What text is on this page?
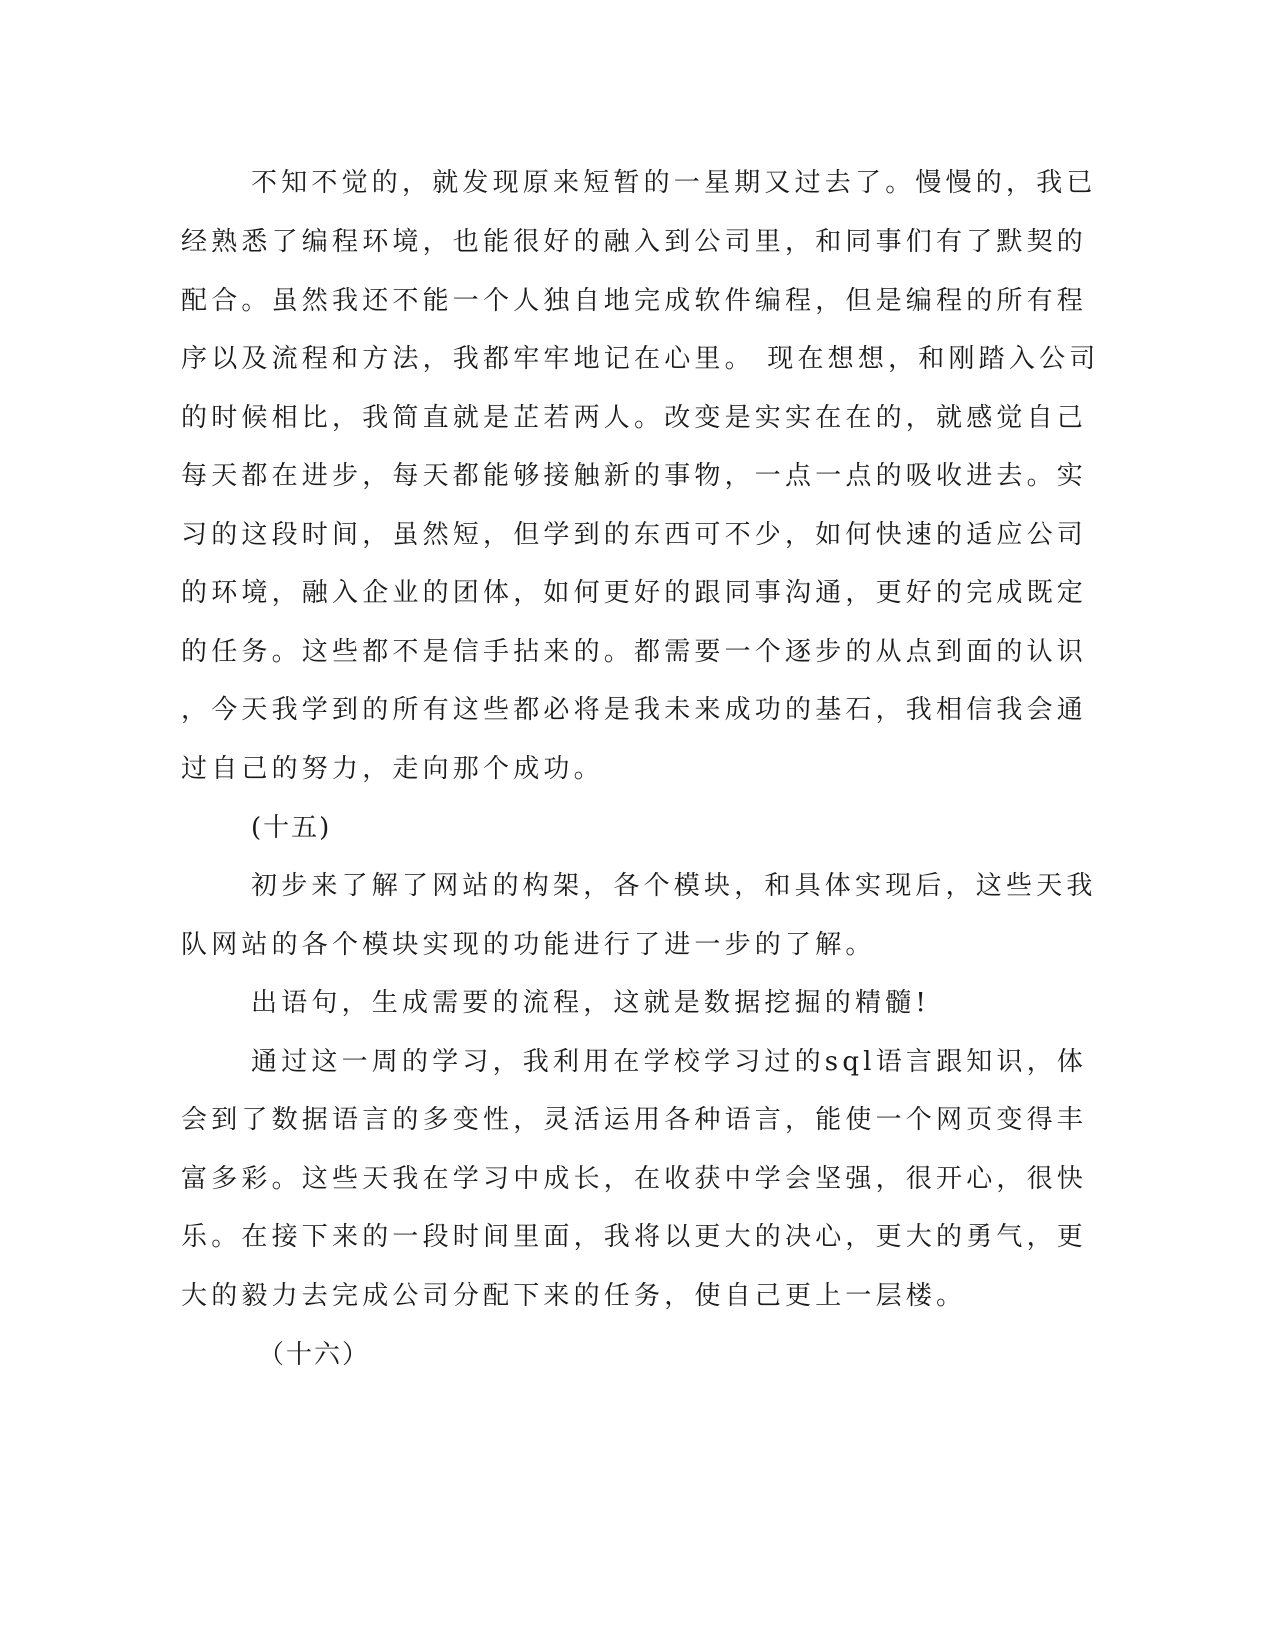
不知不觉的，就发现原来短暂的一星期又过去了。慢慢的，我已
经熟悉了编程环境，也能很好的融入到公司里，和同事们有了默契的
配合。虽然我还不能一个人独自地完成软件编程，但是编程的所有程
序以及流程和方法，我都牢牢地记在心里。 现在想想，和刚踏入公司
的时候相比，我简直就是芷若两人。改变是实实在在的，就感觉自己
每天都在进步，每天都能够接触新的事物，一点一点的吸收进去。实
习的这段时间，虽然短，但学到的东西可不少，如何快速的适应公司
的环境，融入企业的团体，如何更好的跟同事沟通，更好的完成既定
的任务。这些都不是信手拈来的。都需要一个逐步的从点到面的认识
，今天我学到的所有这些都必将是我未来成功的基石，我相信我会通
过自己的努力，走向那个成功。
(十五)
初步来了解了网站的构架，各个模块，和具体实现后，这些天我
队网站的各个模块实现的功能进行了进一步的了解。
出语句，生成需要的流程，这就是数据挖掘的精髓!
通过这一周的学习，我利用在学校学习过的sql语言跟知识，体
会到了数据语言的多变性，灵活运用各种语言，能使一个网页变得丰
富多彩。这些天我在学习中成长，在收获中学会坚强，很开心，很快
乐。在接下来的一段时间里面，我将以更大的决心，更大的勇气，更
大的毅力去完成公司分配下来的任务，使自己更上一层楼。
（十六）
